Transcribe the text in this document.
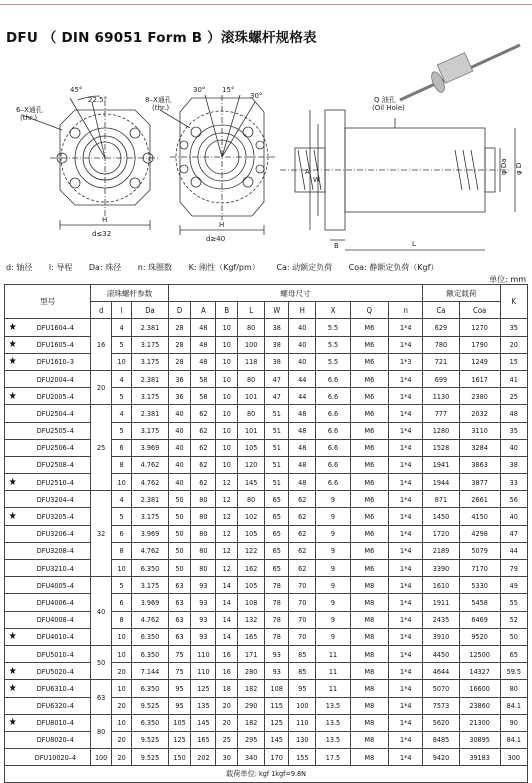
DFU （ DIN 69051 Form B ）滚珠螺杆规格表
6–X通孔
(thr.)
8–X通孔
(thr.)
45°
22.5°
30° 15°
30°
H
d≤32
H
d≥40
Q 油孔
(Oil Hole)
A
W
B	L
φ Da φ D
d: 轴径 l: 导程 Da: 珠径 n: 珠圈数 K: 刚性（Kgf/pm） Ca: 动额定负荷 Coa: 静额定负荷（Kgf）
单位: mm
型号		滚珠螺杆参数			螺母尺寸									额定载荷		K
		d	l	Da	D	A	B	L	W	H	X	Q	n	Ca	Coa	
★	DFU1604–4	16	4	2.381	28	48	10	80	38	40	5.5	M6	1*4	629	1270	35
★	DFU1605–4		5	3.175	28	48	10	100	38	40	5.5	M6	1*4	780	1790	20
★	DFU1610–3		10	3.175	28	48	10	118	38	40	5.5	M6	1*3	721	1249	15
	DFU2004–4	20	4	2.381	36	58	10	80	47	44	6.6	M6	1*4	699	1617	41
★	DFU2005–4		5	3.175	36	58	10	101	47	44	6.6	M6	1*4	1130	2380	25
	DFU2504–4	25	4	2.381	40	62	10	80	51	48	6.6	M6	1*4	777	2032	48
	DFU2505–4		5	3.175	40	62	10	101	51	48	6.6	M6	1*4	1280	3110	35
	DFU2506–4		6	3.969	40	62	10	105	51	48	6.6	M6	1*4	1528	3284	40
	DFU2508–4		8	4.762	40	62	10	120	51	48	6.6	M6	1*4	1941	3863	38
★	DFU2510–4		10	4.762	40	62	12	145	51	48	6.6	M6	1*4	1944	3877	33
	DFU3204–4	32	4	2.381	50	80	12	80	65	62	9	M6	1*4	871	2661	56
★	DFU3205–4		5	3.175	50	80	12	102	65	62	9	M6	1*4	1450	4150	40
	DFU3206–4		6	3.969	50	80	12	105	65	62	9	M6	1*4	1720	4298	47
	DFU3208–4		8	4.762	50	80	12	122	65	62	9	M6	1*4	2189	5079	44
	DFU3210–4		10	6.350	50	80	12	162	65	62	9	M6	1*4	3390	7170	79
	DFU4005–4	40	5	3.175	63	93	14	105	78	70	9	M8	1*4	1610	5330	49
	DFU4006–4		6	3.969	63	93	14	108	78	70	9	M8	1*4	1911	5458	55
	DFU4008–4		8	4.762	63	93	14	132	78	70	9	M8	1*4	2435	6469	52
★	DFU4010–4		10	6.350	63	93	14	165	78	70	9	M8	1*4	3910	9520	50
	DFU5010–4	50	10	6.350	75	110	16	171	93	85	11	M8	1*4	4450	12500	65
★	DFU5020–4		20	7.144	75	110	16	280	93	85	11	M8	1*4	4644	14327	59.5
★	DFU6310–4	63	10	6.350	95	125	18	182	108	95	11	M8	1*4	5070	16600	80
	DFU6320–4		20	9.525	95	135	20	290	115	100	13.5	M8	1*4	7573	23860	84.1
★	DFU8010–4	80	10	6.350	105	145	20	182	125	110	13.5	M8	1*4	5620	21300	90
	DFU8020–4		20	9.525	125	165	25	295	145	130	13.5	M8	1*4	8485	30895	84.1
	DFU10020–4	100	20	9.525	150	202	30	340	170	155	17.5	M8	1*4	9420	39183	300
载荷单位: kgf 1kgf=9.8N																
